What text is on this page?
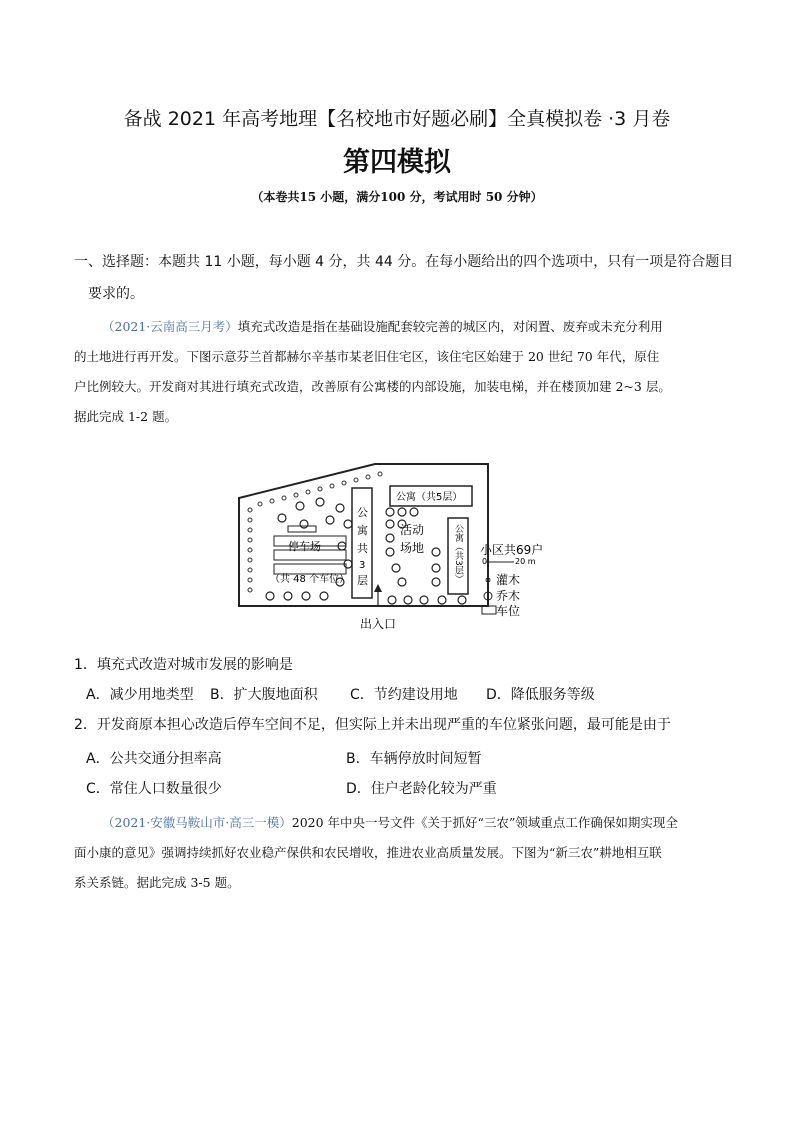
备战 2021 年高考地理【名校地市好题必刷】全真模拟卷 ·3 月卷
第四模拟
（本卷共15 小题，满分100 分，考试用时 50 分钟）
一、选择题：本题共 11 小题，每小题 4 分，共 44 分。在每小题给出的四个选项中，只有一项是符合题目
要求的。
（2021·云南高三月考）填充式改造是指在基础设施配套较完善的城区内，对闲置、废弃或未充分利用
的土地进行再开发。下图示意芬兰首都赫尔辛基市某老旧住宅区，该住宅区始建于 20 世纪 70 年代，原住
户比例较大。开发商对其进行填充式改造，改善原有公寓楼的内部设施，加装电梯，并在楼顶加建 2~3 层。
据此完成 1-2 题。
停车场
（共 48 个车位）
公
寓
共
3
层
公寓（共5层）
活动
场地	公寓（共3层）
出入口
小区共69户
0	20 m
灌木
乔木
车位
1．填充式改造对城市发展的影响是
A．减少用地类型 B．扩大腹地面积 C．节约建设用地 D．降低服务等级
2．开发商原本担心改造后停车空间不足，但实际上并未出现严重的车位紧张问题，最可能是由于
A．公共交通分担率高	B．车辆停放时间短暂
C．常住人口数量很少	D．住户老龄化较为严重
（2021·安徽马鞍山市·高三一模）2020 年中央一号文件《关于抓好“三农”领域重点工作确保如期实现全
面小康的意见》强调持续抓好农业稳产保供和农民增收，推进农业高质量发展。下图为“新三农”耕地相互联
系关系链。据此完成 3-5 题。
